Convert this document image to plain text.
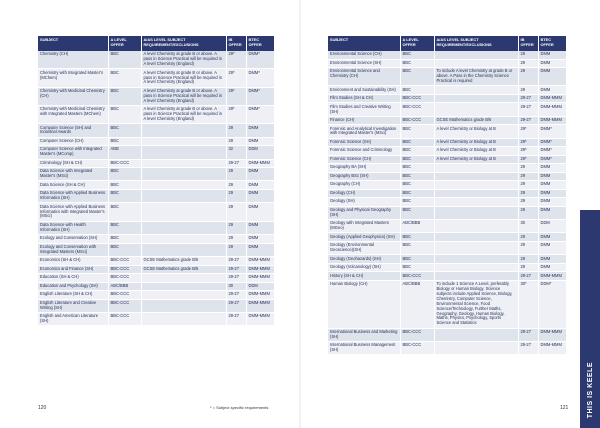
SUBJECT	A LEVEL OFFER	A/AS LEVEL SUBJECT REQUIREMENT/EXCLUSIONS	IB OFFER	BTEC OFFER
Chemistry (CH)	BBC	A level Chemistry at grade B or above. A pass in Science Practical will be required in A level Chemistry (England)	29*	DMM*
Chemistry with Integrated Master's (MChem)	BBC	A level Chemistry at grade B or above. A pass in Science Practical will be required in A level Chemistry (England)	29*	DMM*
Chemistry with Medicinal Chemistry (CH)	BBC	A level Chemistry at grade B or above. A pass in Science Practical will be required in A level Chemistry (England)	29*	DMM*
Chemistry with Medicinal Chemistry with Integrated Masters (MChem)	BBC	A level Chemistry at grade B or above. A pass in Science Practical will be required in A level Chemistry (England)	29*	DMM*
Computer Science (SH) and Industrial Awards	BBC		29	DMM
Computer Science (CH)	BBC		29	DMM
Computer Science with Integrated Master's (MComp)	ABB		32	DDM
Criminology (SH & CH)	BBC-CCC		29-27	DMM-MMM
Data Science with Integrated Master's (MSci)	BBC		29	DMM
Data Science (SH & CH)	BBC		29	DMM
Data Science with Applied Business Informatics (SH)	BBC		29	DMM
Data Science with Applied Business Informatics with Integrated Master's (MSci)	BBC		29	DMM
Data Science with Health Informatics (SH)	BBC		29	DMM
Ecology and Conservation (SH)	BBC		29	DMM
Ecology and Conservation with Integrated Masters (MSci)	BBC		29	DMM
Economics (SH & CH)	BBC-CCC	GCSE Mathematics grade B/6	29-27	DMM-MMM
Economics and Finance (SH)	BBC-CCC	GCSE Mathematics grade B/6	29-27	DMM-MMM
Education (SH & CH)	BBC-CCC		29-27	DMM-MMM
Education and Psychology (SH)	ABC/BBB		30	DDM
English Literature (SH & CH)	BBC-CCC		29-27	DMM-MMM
English Literature and Creative Writing (SH)	BBC-CCC		29-27	DMM-MMM
English and American Literature (SH)	BBC-CCC		29-27	DMM-MMM
SUBJECT	A LEVEL OFFER	A/AS LEVEL SUBJECT REQUIREMENT/EXCLUSIONS	IB OFFER	BTEC OFFER
Environmental Science (CH)	BBC		29	DMM
Environmental Science (SH)	BBC		29	DMM
Environmental Science and Chemistry (CH)	BBC	To include A level Chemistry at grade B or above. A Pass in the Chemistry Science Practical is required	29	DMM
Environment and Sustainability (SH)	BBC		29	DMM
Film Studies (SH & CH)	BBC-CCC		29-27	DMM-MMM
Film Studies and Creative Writing (SH)	BBC-CCC		29-27	DMM-MMM
Finance (CH)	BBC-CCC	GCSE Mathematics grade B/6	29-27	DMM-MMM
Forensic and Analytical Investigation with Integrated Master's (MSci)	BBC	A level Chemistry or Biology at B	29*	DMM*
Forensic Science (SH)	BBC	A level Chemistry or Biology at B	29*	DMM*
Forensic Science and Criminology	BBC	A level Chemistry or Biology at B	29*	DMM*
Forensic Science (CH)	BBC	A level Chemistry or Biology at B	29*	DMM*
Geography BA (SH)	BBC		29	DMM
Geography BSc (SH)	BBC		29	DMM
Geography (CH)	BBC		29	DMM
Geology (CH)	BBC		29	DMM
Geology (SH)	BBC		29	DMM
Geology and Physical Geography (SH)	BBC		29	DMM
Geology with Integrated Masters (MGeo)	ABC/BBB		30	DDM
Geology (Applied Geophysics) (SH)	BBC		29	DMM
Geology (Environmental Geoscience)(SH)	BBC		29	DMM
Geology (Geohazards) (SH)	BBC		29	DMM
Geology (Volcanology) (SH)	BBC		29	DMM
History (SH & CH)	BBC-CCC		29-27	DMM-MMM
Human Biology (CH)	ABC/BBB	To include 1 Science A Level, preferably Biology or Human Biology. Science subjects include Applied Science, Biology, Chemistry, Computer Science, Environmental Science, Food Science/Technology, Further Maths, Geography, Geology, Human Biology, Maths, Physics, Psychology, Sports Science and Statistics	30*	DDM*
International Business and Marketing (SH)	BBC-CCC		29-27	DMM-MMM
International Business Management (SH)	BBC-CCC		29-27	DMM-MMM
120	* = Subject specific requirements	121	THIS IS KEELE
